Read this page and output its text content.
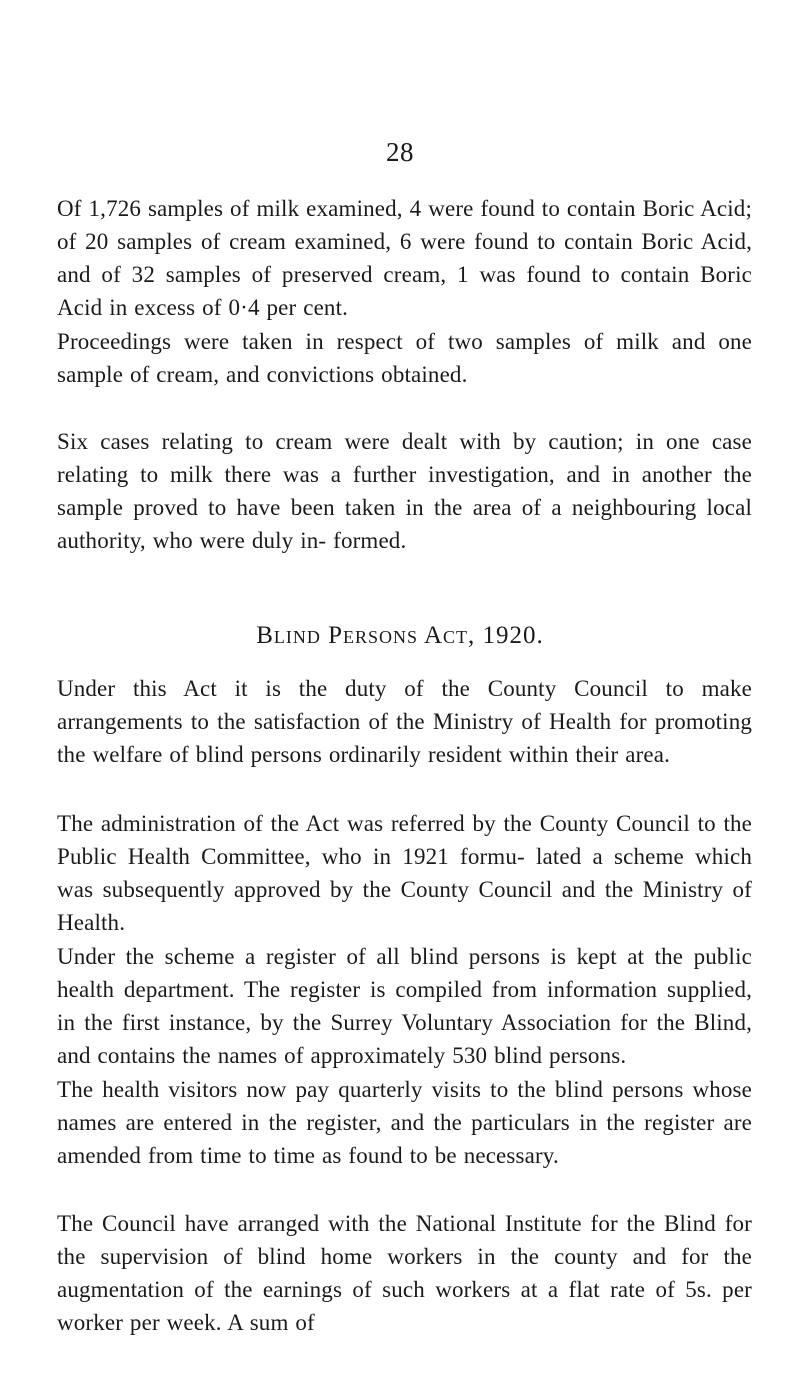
28

Of 1,726 samples of milk examined, 4 were found to contain Boric Acid; of 20 samples of cream examined, 6 were found to contain Boric Acid, and of 32 samples of preserved cream, 1 was found to contain Boric Acid in excess of 0·4 per cent.

Proceedings were taken in respect of two samples of milk and one sample of cream, and convictions obtained.

Six cases relating to cream were dealt with by caution; in one case relating to milk there was a further investigation, and in another the sample proved to have been taken in the area of a neighbouring local authority, who were duly in- formed.

Blind Persons Act, 1920.

Under this Act it is the duty of the County Council to make arrangements to the satisfaction of the Ministry of Health for promoting the welfare of blind persons ordinarily resident within their area.

The administration of the Act was referred by the County Council to the Public Health Committee, who in 1921 formu- lated a scheme which was subsequently approved by the County Council and the Ministry of Health.

Under the scheme a register of all blind persons is kept at the public health department. The register is compiled from information supplied, in the first instance, by the Surrey Voluntary Association for the Blind, and contains the names of approximately 530 blind persons.

The health visitors now pay quarterly visits to the blind persons whose names are entered in the register, and the particulars in the register are amended from time to time as found to be necessary.

The Council have arranged with the National Institute for the Blind for the supervision of blind home workers in the county and for the augmentation of the earnings of such workers at a flat rate of 5s. per worker per week. A sum of
